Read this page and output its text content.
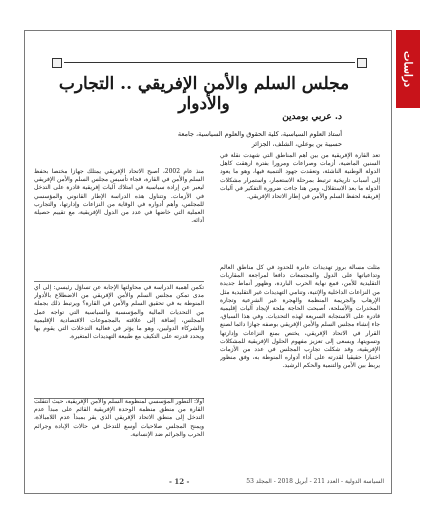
دراسات
مجلس السلم والأمن الإفريقي .. التجارب والأدوار
د. عربي بومدين
أستاذ العلوم السياسية، كلية الحقوق والعلوم السياسية، جامعة
حسيبة بن بوعلي، الشلف، الجزائر
تعد القارة الإفريقية من بين أهم المناطق التي شهدت نقلة في السنين الماضية، أزمات وصراعات ومرورا بفترة ارهقت كاهل الدولة الوطنية الناشئة، وتعقدت جهود التنمية فيها، وهو ما يعود إلى أسباب تاريخية ترتبط بمرحلة الاستعمار، واستمرار مشكلات الدولة ما بعد الاستقلال، ومن هنا جاءت ضرورة التفكير في آليات إفريقية لحفظ السلم والأمن في إطار الاتحاد الإفريقي.
مثلت مسألة بروز تهديدات عابرة للحدود في كل مناطق العالم وتداعياتها على الدول والمجتمعات دافعا لمراجعة المقاربات التقليدية للأمن، فمع نهاية الحرب الباردة، وظهور أنماط جديدة من النزاعات الداخلية والإثنية، وتنامي التهديدات غير التقليدية مثل الإرهاب والجريمة المنظمة والهجرة غير الشرعية وتجارة المخدرات والأسلحة، أصبحت الحاجة ملحة لإيجاد آليات إقليمية قادرة على الاستجابة السريعة لهذه التحديات. وفي هذا السياق، جاء إنشاء مجلس السلم والأمن الإفريقي بوصفه جهازا دائما لصنع القرار في الاتحاد الإفريقي، يختص بمنع النزاعات وإدارتها وتسويتها، ويسعى إلى تعزيز مفهوم الحلول الإفريقية للمشكلات الإفريقية، وقد شكلت تجارب المجلس في عدد من الأزمات اختبارا حقيقيا لقدرته على أداء أدواره المنوطة به، وفق منظور يربط بين الأمن والتنمية والحكم الرشيد.
منذ عام 2002، أصبح الاتحاد الإفريقي يمتلك جهازا مختصا بحفظ السلم والأمن في القارة، فجاء تأسيس مجلس السلم والأمن الإفريقي ليعبر عن إرادة سياسية في امتلاك آليات إفريقية قادرة على التدخل في الأزمات. وتتناول هذه الدراسة الإطار القانوني والمؤسسي للمجلس، وأهم أدواره في الوقاية من النزاعات وإدارتها، والتجارب العملية التي خاضها في عدد من الدول الإفريقية، مع تقييم حصيلة أدائه.
تكمن أهمية الدراسة في محاولتها الإجابة عن تساؤل رئيسي: إلى أي مدى تمكن مجلس السلم والأمن الإفريقي من الاضطلاع بالأدوار المنوطة به في تحقيق السلم والأمن في القارة؟ ويرتبط ذلك بجملة من التحديات المالية والمؤسسية والسياسية التي تواجه عمل المجلس، إضافة إلى علاقته بالمجموعات الاقتصادية الإقليمية والشركاء الدوليين، وهو ما يؤثر في فعالية التدخلات التي يقوم بها ويحدد قدرته على التكيف مع طبيعة التهديدات المتغيرة.
أولا: التطور المؤسسي لمنظومة السلم والأمن الإفريقية، حيث انتقلت القارة من منطق منظمة الوحدة الإفريقية القائم على مبدأ عدم التدخل إلى منطق الاتحاد الإفريقي الذي يقر بمبدأ عدم اللامبالاة، ويمنح المجلس صلاحيات أوسع للتدخل في حالات الإبادة وجرائم الحرب والجرائم ضد الإنسانية.
- 12 -	السياسة الدولية - العدد 211 - أبريل 2018 - المجلد 53
